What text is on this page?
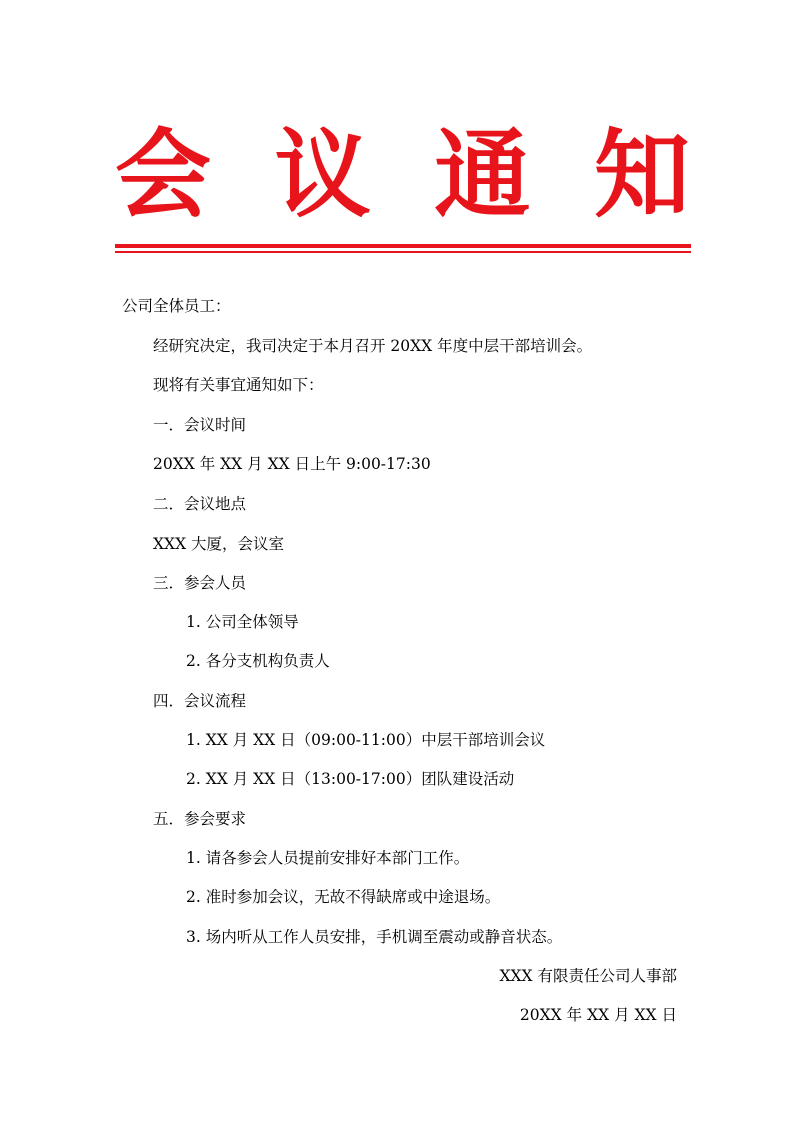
会 议 通 知
公司全体员工：
经研究决定，我司决定于本月召开 20XX 年度中层干部培训会。
现将有关事宜通知如下：
一．会议时间
20XX 年 XX 月 XX 日上午 9:00-17:30
二．会议地点
XXX 大厦，会议室
三．参会人员
1. 公司全体领导
2. 各分支机构负责人
四．会议流程
1. XX 月 XX 日（09:00-11:00）中层干部培训会议
2. XX 月 XX 日（13:00-17:00）团队建设活动
五．参会要求
1. 请各参会人员提前安排好本部门工作。
2. 准时参加会议，无故不得缺席或中途退场。
3. 场内听从工作人员安排，手机调至震动或静音状态。
XXX 有限责任公司人事部
20XX 年 XX 月 XX 日
